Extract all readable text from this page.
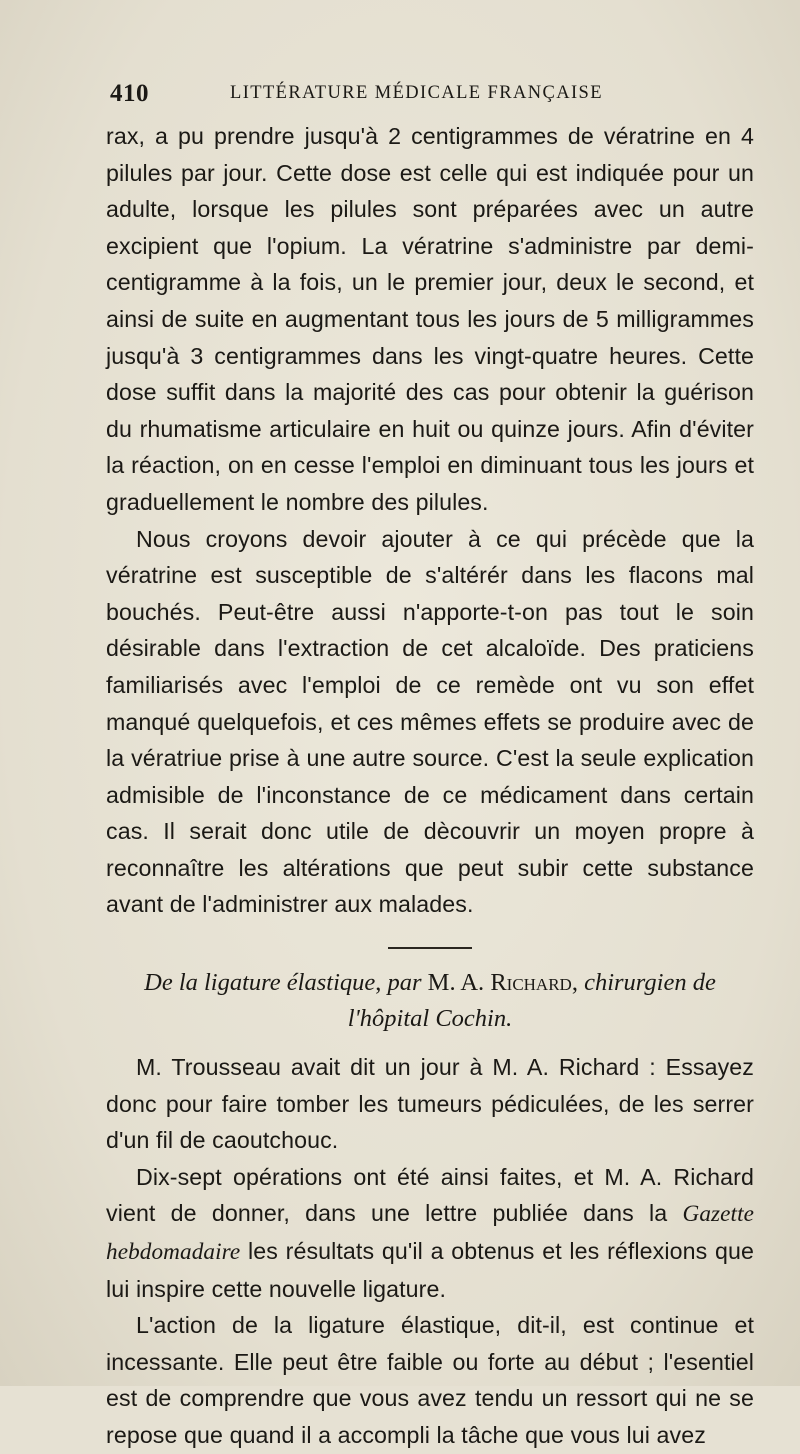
410	LITTÉRATURE MÉDICALE FRANÇAISE

rax, a pu prendre jusqu'à 2 centigrammes de vératrine en 4 pilules par jour. Cette dose est celle qui est indiquée pour un adulte, lorsque les pilules sont préparées avec un autre excipient que l'opium. La vératrine s'administre par demi-centigramme à la fois, un le premier jour, deux le second, et ainsi de suite en augmentant tous les jours de 5 milligrammes jusqu'à 3 centigrammes dans les vingt-quatre heures. Cette dose suffit dans la majorité des cas pour obtenir la guérison du rhumatisme articulaire en huit ou quinze jours. Afin d'éviter la réaction, on en cesse l'emploi en diminuant tous les jours et graduellement le nombre des pilules.

Nous croyons devoir ajouter à ce qui précède que la vératrine est susceptible de s'altérér dans les flacons mal bouchés. Peut-être aussi n'apporte-t-on pas tout le soin désirable dans l'extraction de cet alcaloïde. Des praticiens familiarisés avec l'emploi de ce remède ont vu son effet manqué quelquefois, et ces mêmes effets se produire avec de la vératriue prise à une autre source. C'est la seule explication admisible de l'inconstance de ce médicament dans certain cas. Il serait donc utile de dècouvrir un moyen propre à reconnaître les altérations que peut subir cette substance avant de l'administrer aux malades.

De la ligature élastique, par M. A. Richard, chirurgien de
l'hôpital Cochin.

M. Trousseau avait dit un jour à M. A. Richard : Essayez donc pour faire tomber les tumeurs pédiculées, de les serrer d'un fil de caoutchouc.

Dix-sept opérations ont été ainsi faites, et M. A. Richard vient de donner, dans une lettre publiée dans la Gazette hebdomadaire les résultats qu'il a obtenus et les réflexions que lui inspire cette nouvelle ligature.

L'action de la ligature élastique, dit-il, est continue et incessante. Elle peut être faible ou forte au début ; l'esentiel est de comprendre que vous avez tendu un ressort qui ne se repose que quand il a accompli la tâche que vous lui avez
